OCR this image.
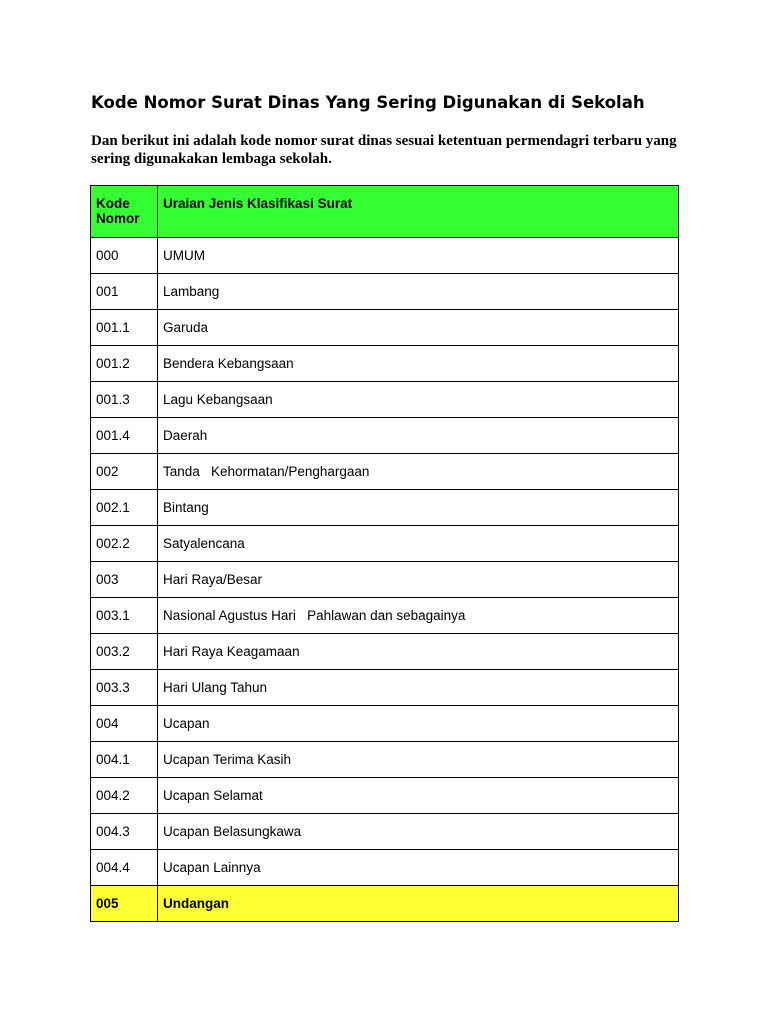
Kode Nomor Surat Dinas Yang Sering Digunakan di Sekolah

Dan berikut ini adalah kode nomor surat dinas sesuai ketentuan permendagri terbaru yang sering digunakakan lembaga sekolah.

Kode Nomor	Uraian Jenis Klasifikasi Surat
000	UMUM
001	Lambang
001.1	Garuda
001.2	Bendera Kebangsaan
001.3	Lagu Kebangsaan
001.4	Daerah
002	Tanda   Kehormatan/Penghargaan
002.1	Bintang
002.2	Satyalencana
003	Hari Raya/Besar
003.1	Nasional Agustus Hari   Pahlawan dan sebagainya
003.2	Hari Raya Keagamaan
003.3	Hari Ulang Tahun
004	Ucapan
004.1	Ucapan Terima Kasih
004.2	Ucapan Selamat
004.3	Ucapan Belasungkawa
004.4	Ucapan Lainnya
005	Undangan
